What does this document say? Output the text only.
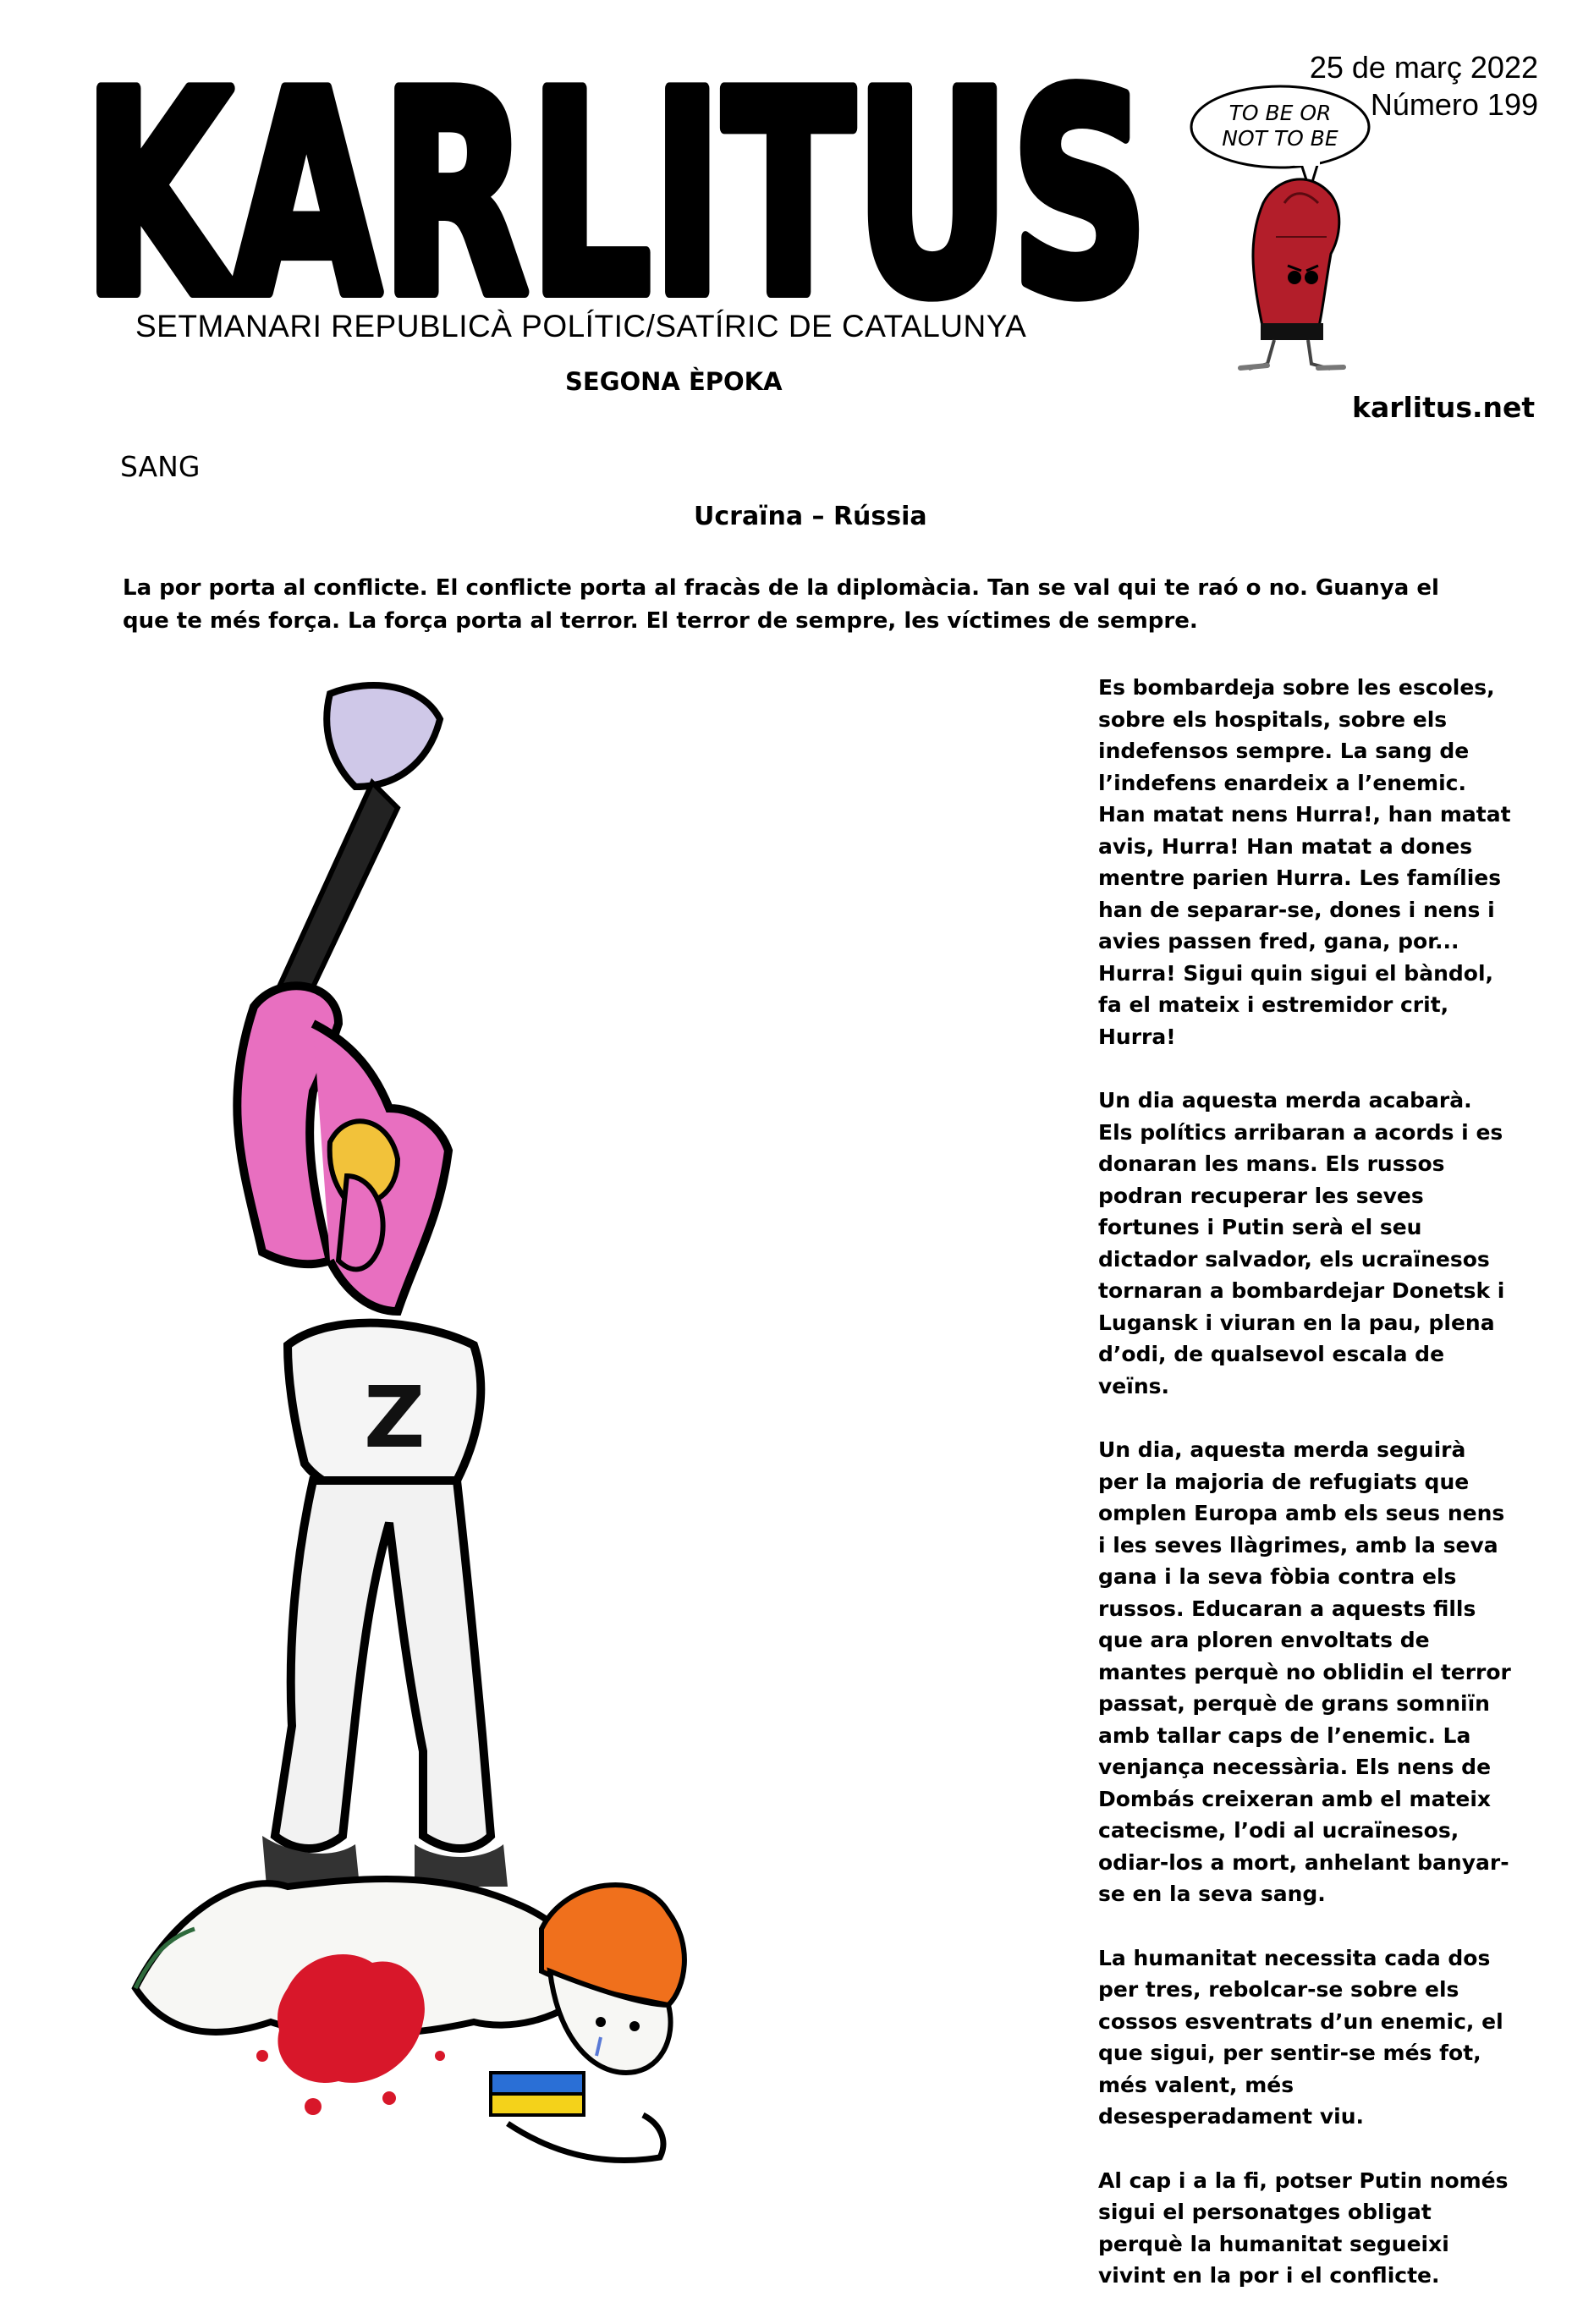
KARLITUS
SETMANARI REPUBLICÀ POLÍTIC/SATÍRIC DE CATALUNYA
SEGONA ÈPOKA
25 de març 2022
Número 199
TO BE OR
NOT TO BE
karlitus.net
SANG
Ucraïna – Rússia
La por porta al conflicte. El conflicte porta al fracàs de la diplomàcia. Tan se val qui te raó o no. Guanya el que te més força. La força porta al terror. El terror de sempre, les víctimes de sempre.
Z

Es bombardeja sobre les escoles, sobre els hospitals, sobre els indefensos sempre. La sang de l’indefens enardeix a l’enemic. Han matat nens Hurra!, han matat avis, Hurra! Han matat a dones mentre parien Hurra. Les famílies han de separar-se, dones i nens i avies passen fred, gana, por... Hurra! Sigui quin sigui el bàndol, fa el mateix i estremidor crit, Hurra!

Un dia aquesta merda acabarà. Els polítics arribaran a acords i es donaran les mans. Els russos podran recuperar les seves fortunes i Putin serà el seu dictador salvador, els ucraïnesos tornaran a bombardejar Donetsk i Lugansk i viuran en la pau, plena d’odi, de qualsevol escala de veïns.

Un dia, aquesta merda seguirà per la majoria de refugiats que omplen Europa amb els seus nens i les seves llàgrimes, amb la seva gana i la seva fòbia contra els russos. Educaran a aquests fills que ara ploren envoltats de mantes perquè no oblidin el terror passat, perquè de grans somniïn amb tallar caps de l’enemic. La venjança necessària. Els nens de Dombás creixeran amb el mateix catecisme, l’odi al ucraïnesos, odiar-los a mort, anhelant banyar-se en la seva sang.

La humanitat necessita cada dos per tres, rebolcar-se sobre els cossos esventrats d’un enemic, el que sigui, per sentir-se més fot, més valent, més desesperadament viu.

Al cap i a la fi, potser Putin només sigui el personatges obligat perquè la humanitat segueixi vivint en la por i el conflicte.
